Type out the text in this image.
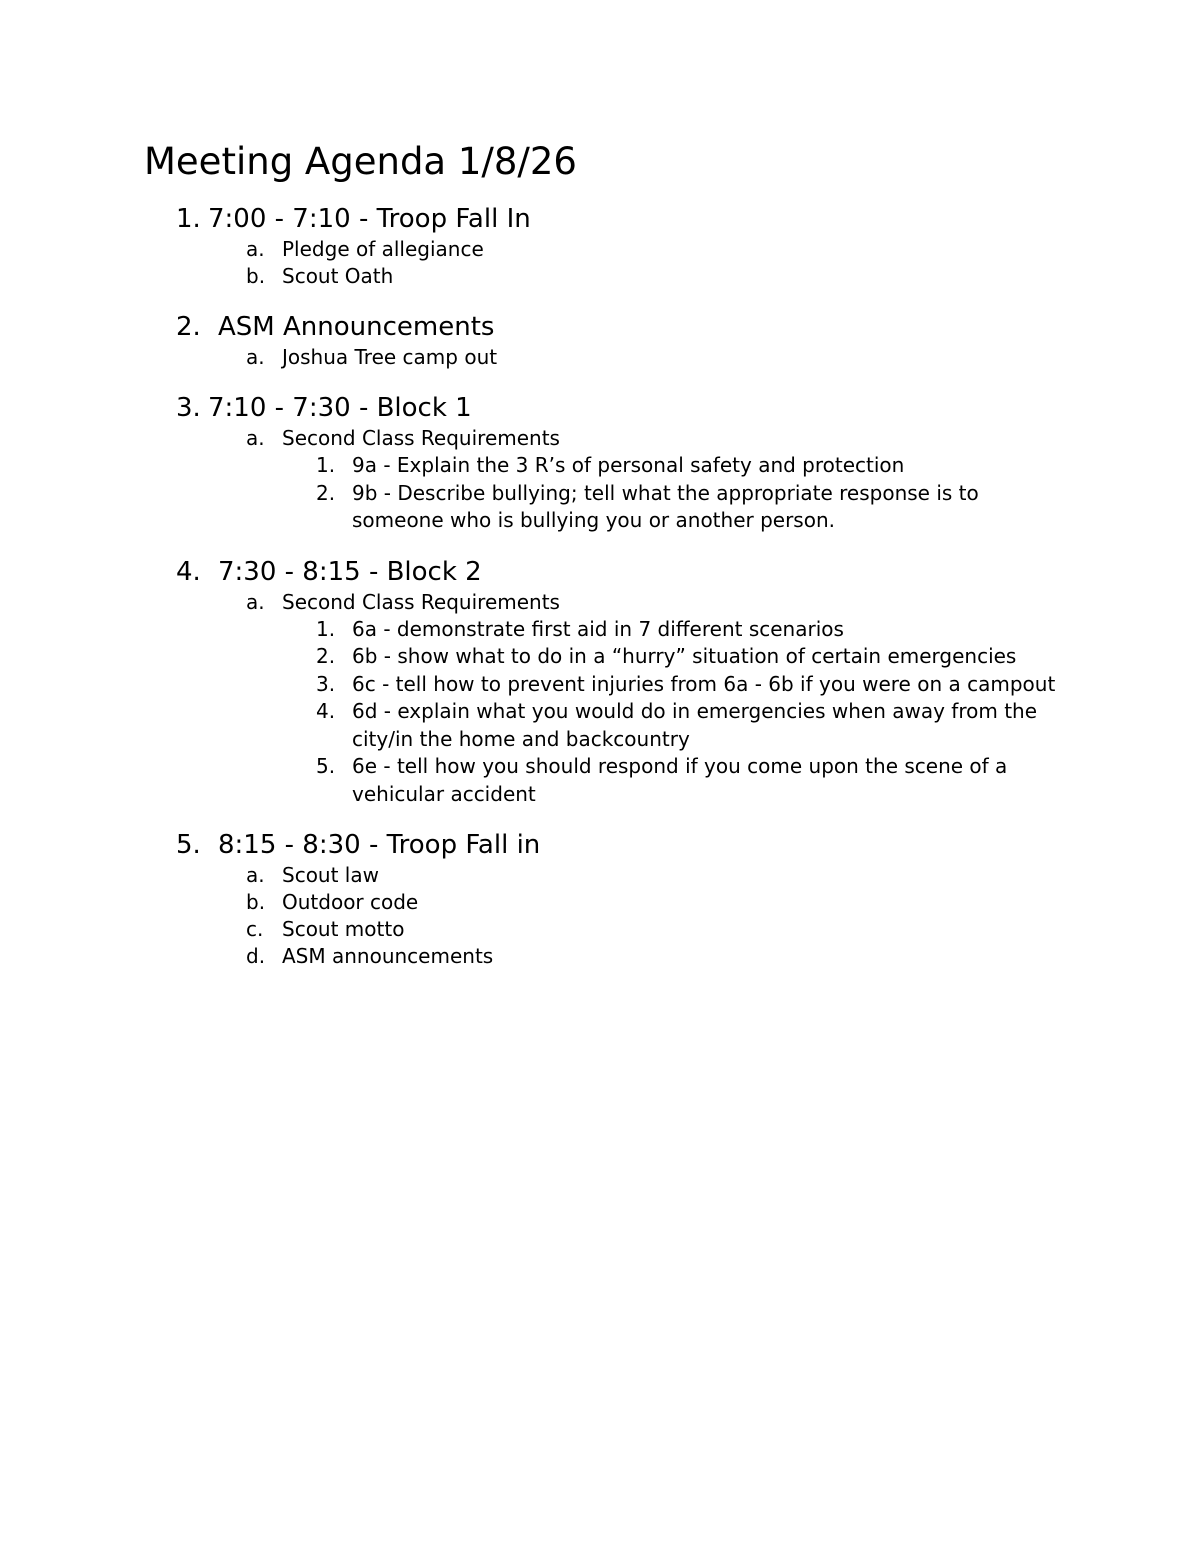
Meeting Agenda 1/8/26
1. 7:00 - 7:10 - Troop Fall In
a. Pledge of allegiance
b. Scout Oath
2. ASM Announcements
a. Joshua Tree camp out
3. 7:10 - 7:30 - Block 1
a. Second Class Requirements
1. 9a - Explain the 3 R’s of personal safety and protection
2. 9b - Describe bullying; tell what the appropriate response is to someone who is bullying you or another person.
4. 7:30 - 8:15 - Block 2
a. Second Class Requirements
1. 6a - demonstrate first aid in 7 different scenarios
2. 6b - show what to do in a “hurry” situation of certain emergencies
3. 6c - tell how to prevent injuries from 6a - 6b if you were on a campout
4. 6d - explain what you would do in emergencies when away from the city/in the home and backcountry
5. 6e - tell how you should respond if you come upon the scene of a vehicular accident
5. 8:15 - 8:30 - Troop Fall in
a. Scout law
b. Outdoor code
c. Scout motto
d. ASM announcements
